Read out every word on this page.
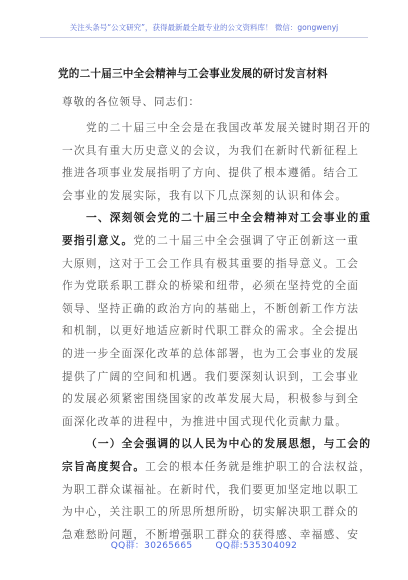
关注头条号“公文研究”，获得最新最全最专业的公文资料库！ 微信：gongwenyj
党的二十届三中全会精神与工会事业发展的研讨发言材料
尊敬的各位领导、同志们：
党的二十届三中全会是在我国改革发展关键时期召开的
一次具有重大历史意义的会议，为我们在新时代新征程上
推进各项事业发展指明了方向、提供了根本遵循。结合工
会事业的发展实际，我有以下几点深刻的认识和体会。
一、深刻领会党的二十届三中全会精神对工会事业的重
要指引意义。党的二十届三中全会强调了守正创新这一重
大原则，这对于工会工作具有极其重要的指导意义。工会
作为党联系职工群众的桥梁和纽带，必须在坚持党的全面
领导、坚持正确的政治方向的基础上，不断创新工作方法
和机制，以更好地适应新时代职工群众的需求。全会提出
的进一步全面深化改革的总体部署，也为工会事业的发展
提供了广阔的空间和机遇。我们要深刻认识到，工会事业
的发展必须紧密围绕国家的改革发展大局，积极参与到全
面深化改革的进程中，为推进中国式现代化贡献力量。
（一）全会强调的以人民为中心的发展思想，与工会的
宗旨高度契合。工会的根本任务就是维护职工的合法权益，
为职工群众谋福祉。在新时代，我们要更加坚定地以职工
为中心，关注职工的所思所想所盼，切实解决职工群众的
急难愁盼问题，不断增强职工群众的获得感、幸福感、安
QQ群：30265665	QQ群:535304092
